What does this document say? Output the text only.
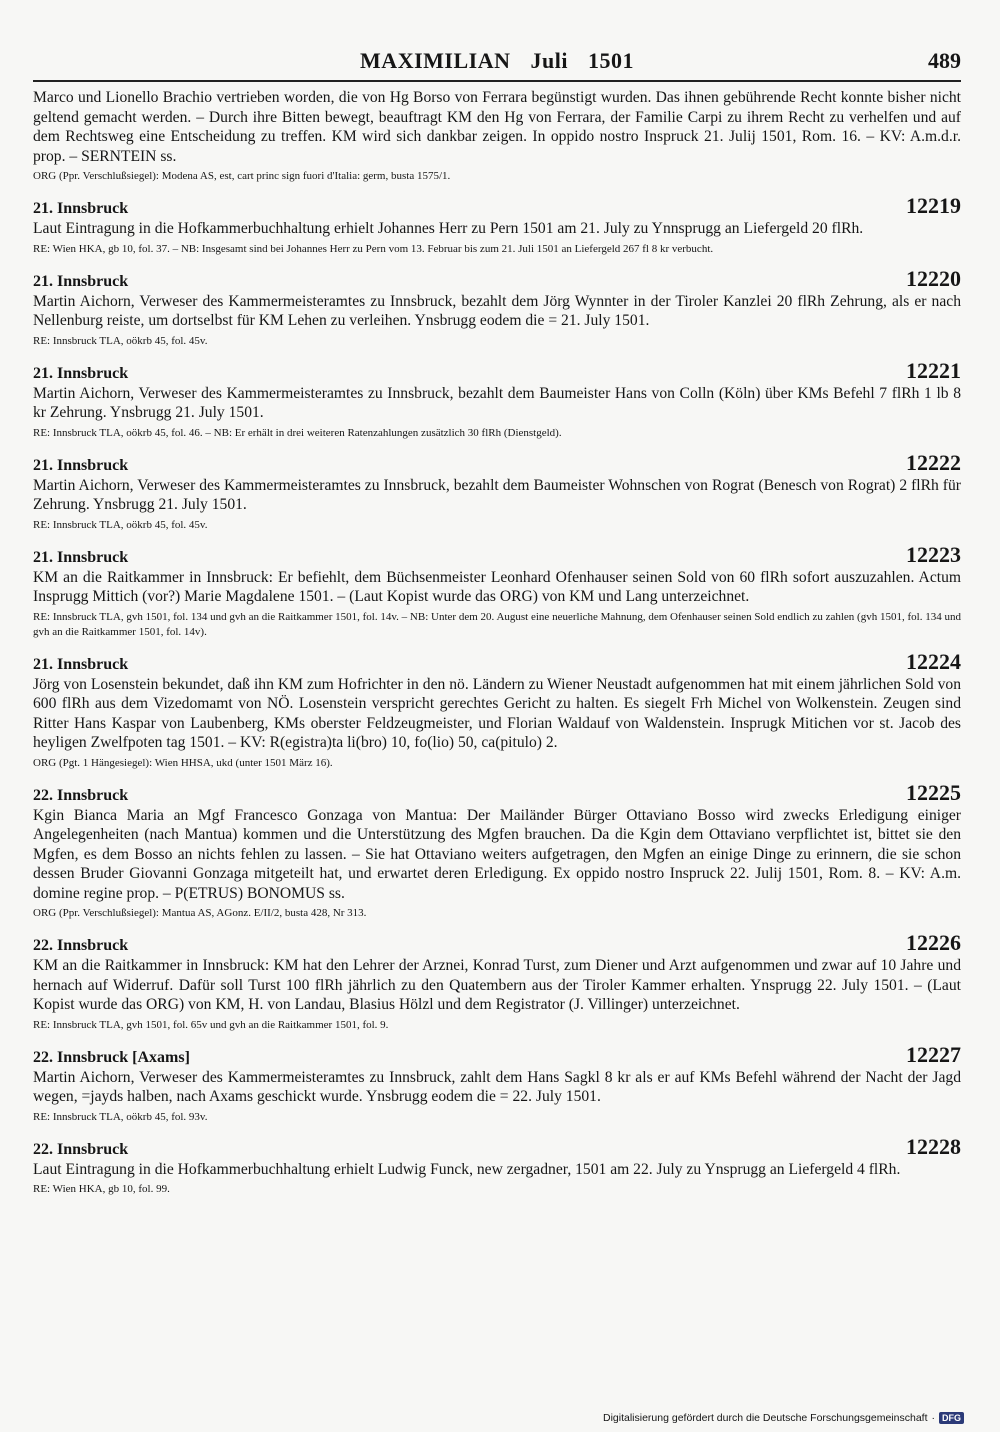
MAXIMILIAN Juli 1501	489
Marco und Lionello Brachio vertrieben worden, die von Hg Borso von Ferrara begünstigt wurden. Das ihnen gebührende Recht konnte bisher nicht geltend gemacht werden. – Durch ihre Bitten bewegt, beauftragt KM den Hg von Ferrara, der Familie Carpi zu ihrem Recht zu verhelfen und auf dem Rechtsweg eine Entscheidung zu treffen. KM wird sich dankbar zeigen. In oppido nostro Inspruck 21. Julij 1501, Rom. 16. – KV: A.m.d.r. prop. – SERNTEIN ss.
ORG (Ppr. Verschlußsiegel): Modena AS, est, cart princ sign fuori d'Italia: germ, busta 1575/1.
21. Innsbruck	12219
Laut Eintragung in die Hofkammerbuchhaltung erhielt Johannes Herr zu Pern 1501 am 21. July zu Ynnsprugg an Liefergeld 20 flRh.
RE: Wien HKA, gb 10, fol. 37. – NB: Insgesamt sind bei Johannes Herr zu Pern vom 13. Februar bis zum 21. Juli 1501 an Liefergeld 267 fl 8 kr verbucht.
21. Innsbruck	12220
Martin Aichorn, Verweser des Kammermeisteramtes zu Innsbruck, bezahlt dem Jörg Wynnter in der Tiroler Kanzlei 20 flRh Zehrung, als er nach Nellenburg reiste, um dortselbst für KM Lehen zu verleihen. Ynsbrugg eodem die = 21. July 1501.
RE: Innsbruck TLA, oökrb 45, fol. 45v.
21. Innsbruck	12221
Martin Aichorn, Verweser des Kammermeisteramtes zu Innsbruck, bezahlt dem Baumeister Hans von Colln (Köln) über KMs Befehl 7 flRh 1 lb 8 kr Zehrung. Ynsbrugg 21. July 1501.
RE: Innsbruck TLA, oökrb 45, fol. 46. – NB: Er erhält in drei weiteren Ratenzahlungen zusätzlich 30 flRh (Dienstgeld).
21. Innsbruck	12222
Martin Aichorn, Verweser des Kammermeisteramtes zu Innsbruck, bezahlt dem Baumeister Wohnschen von Rograt (Benesch von Rograt) 2 flRh für Zehrung. Ynsbrugg 21. July 1501.
RE: Innsbruck TLA, oökrb 45, fol. 45v.
21. Innsbruck	12223
KM an die Raitkammer in Innsbruck: Er befiehlt, dem Büchsenmeister Leonhard Ofenhauser seinen Sold von 60 flRh sofort auszuzahlen. Actum Insprugg Mittich (vor?) Marie Magdalene 1501. – (Laut Kopist wurde das ORG) von KM und Lang unterzeichnet.
RE: Innsbruck TLA, gvh 1501, fol. 134 und gvh an die Raitkammer 1501, fol. 14v. – NB: Unter dem 20. August eine neuerliche Mahnung, dem Ofenhauser seinen Sold endlich zu zahlen (gvh 1501, fol. 134 und gvh an die Raitkammer 1501, fol. 14v).
21. Innsbruck	12224
Jörg von Losenstein bekundet, daß ihn KM zum Hofrichter in den nö. Ländern zu Wiener Neustadt aufgenommen hat mit einem jährlichen Sold von 600 flRh aus dem Vizedomamt von NÖ. Losenstein verspricht gerechtes Gericht zu halten. Es siegelt Frh Michel von Wolkenstein. Zeugen sind Ritter Hans Kaspar von Laubenberg, KMs oberster Feldzeugmeister, und Florian Waldauf von Waldenstein. Insprugk Mitichen vor st. Jacob des heyligen Zwelfpoten tag 1501. – KV: R(egistra)ta li(bro) 10, fo(lio) 50, ca(pitulo) 2.
ORG (Pgt. 1 Hängesiegel): Wien HHSA, ukd (unter 1501 März 16).
22. Innsbruck	12225
Kgin Bianca Maria an Mgf Francesco Gonzaga von Mantua: Der Mailänder Bürger Ottaviano Bosso wird zwecks Erledigung einiger Angelegenheiten (nach Mantua) kommen und die Unterstützung des Mgfen brauchen. Da die Kgin dem Ottaviano verpflichtet ist, bittet sie den Mgfen, es dem Bosso an nichts fehlen zu lassen. – Sie hat Ottaviano weiters aufgetragen, den Mgfen an einige Dinge zu erinnern, die sie schon dessen Bruder Giovanni Gonzaga mitgeteilt hat, und erwartet deren Erledigung. Ex oppido nostro Inspruck 22. Julij 1501, Rom. 8. – KV: A.m. domine regine prop. – P(ETRUS) BONOMUS ss.
ORG (Ppr. Verschlußsiegel): Mantua AS, AGonz. E/II/2, busta 428, Nr 313.
22. Innsbruck	12226
KM an die Raitkammer in Innsbruck: KM hat den Lehrer der Arznei, Konrad Turst, zum Diener und Arzt aufgenommen und zwar auf 10 Jahre und hernach auf Widerruf. Dafür soll Turst 100 flRh jährlich zu den Quatembern aus der Tiroler Kammer erhalten. Ynsprugg 22. July 1501. – (Laut Kopist wurde das ORG) von KM, H. von Landau, Blasius Hölzl und dem Registrator (J. Villinger) unterzeichnet.
RE: Innsbruck TLA, gvh 1501, fol. 65v und gvh an die Raitkammer 1501, fol. 9.
22. Innsbruck [Axams]	12227
Martin Aichorn, Verweser des Kammermeisteramtes zu Innsbruck, zahlt dem Hans Sagkl 8 kr als er auf KMs Befehl während der Nacht der Jagd wegen, =jayds halben, nach Axams geschickt wurde. Ynsbrugg eodem die = 22. July 1501.
RE: Innsbruck TLA, oökrb 45, fol. 93v.
22. Innsbruck	12228
Laut Eintragung in die Hofkammerbuchhaltung erhielt Ludwig Funck, new zergadner, 1501 am 22. July zu Ynsprugg an Liefergeld 4 flRh.
RE: Wien HKA, gb 10, fol. 99.
Digitalisierung gefördert durch die Deutsche Forschungsgemeinschaft · DFG
